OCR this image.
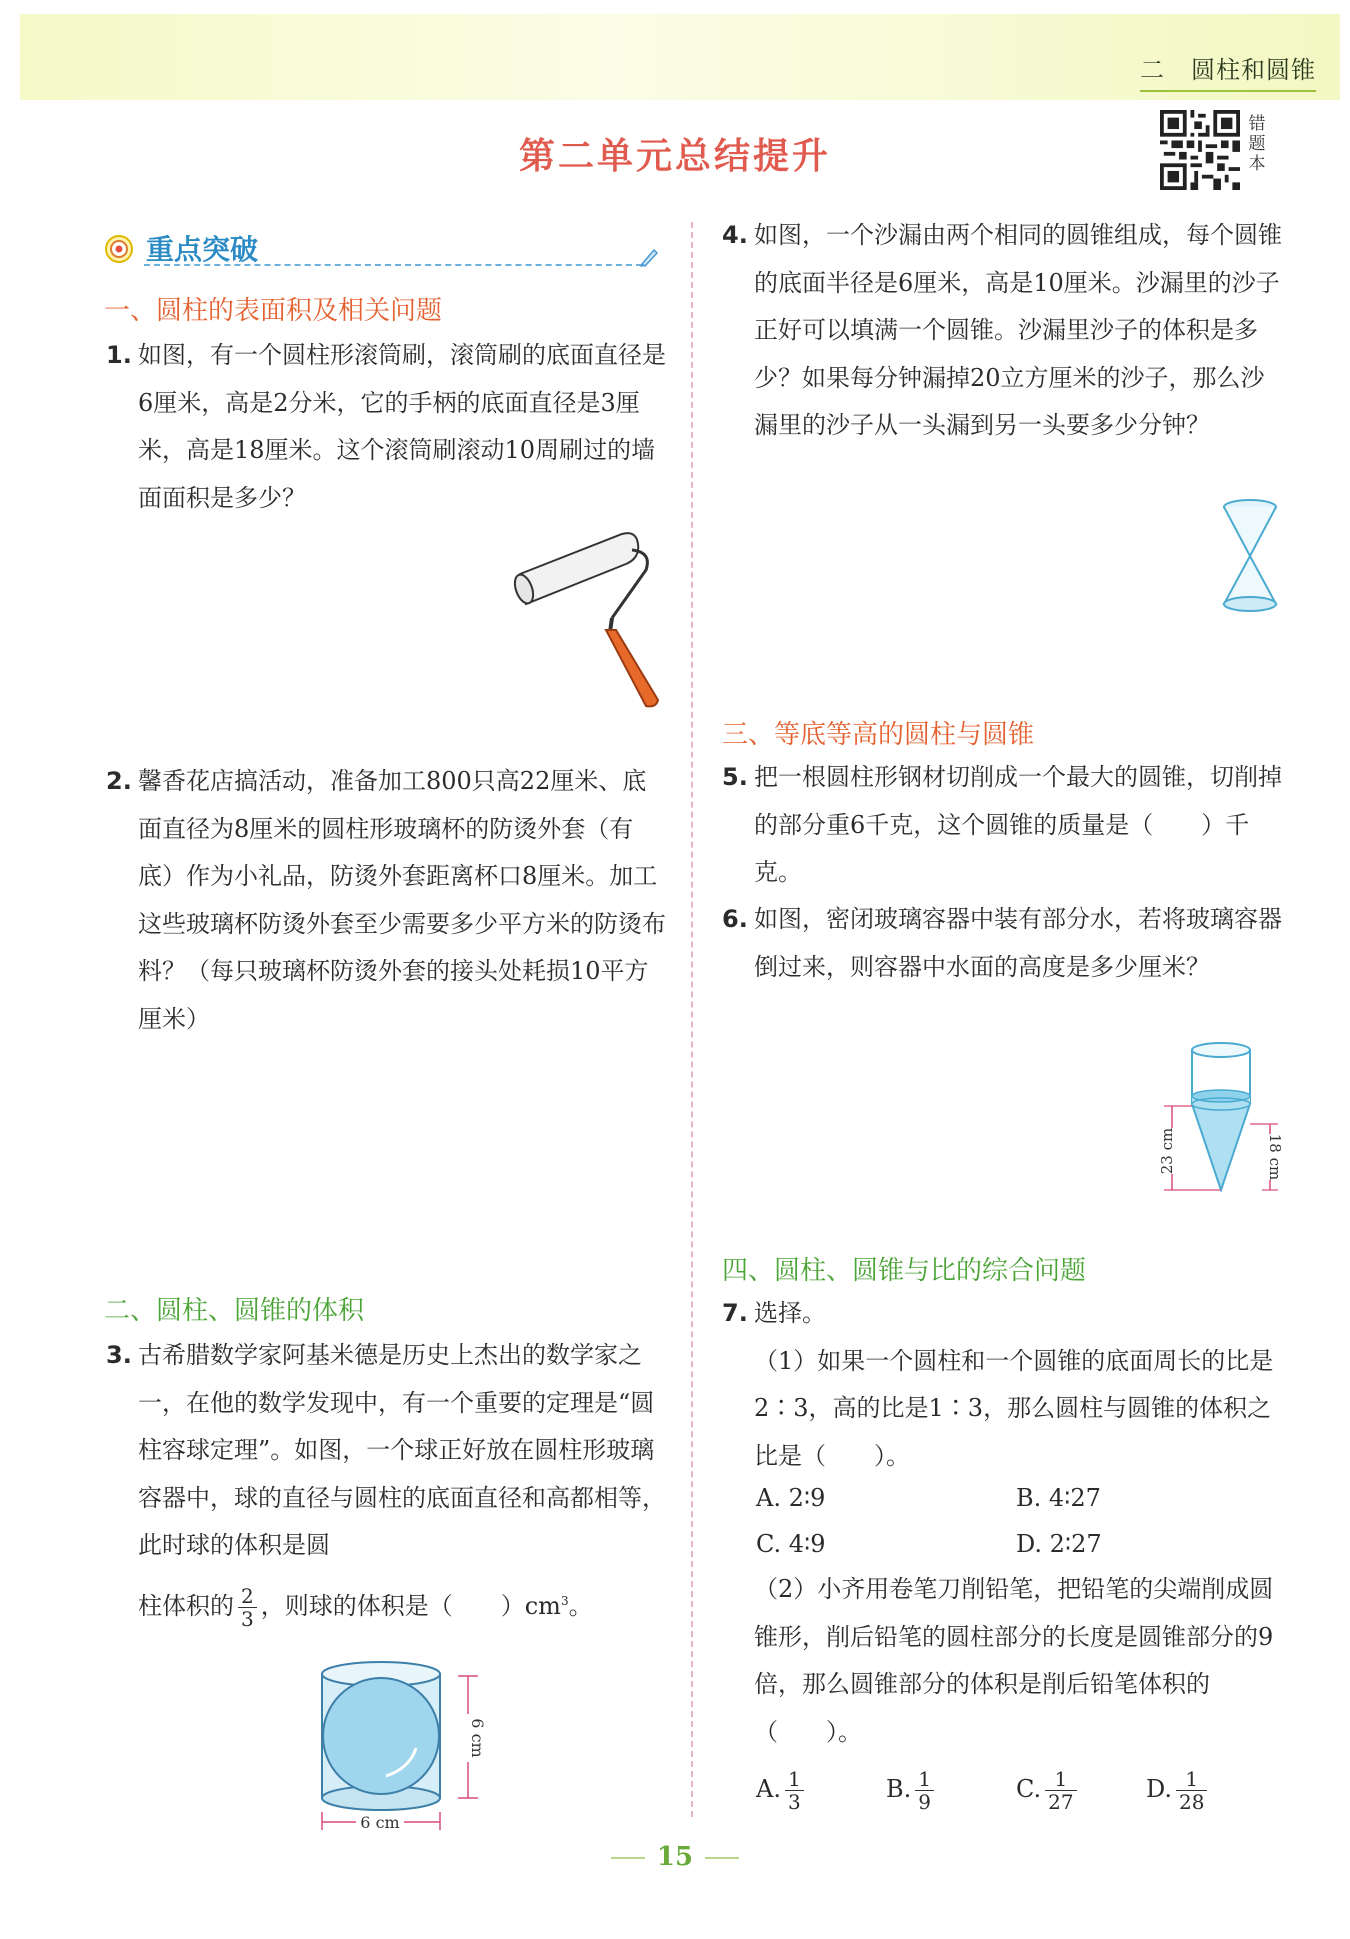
二 圆柱和圆锥
第二单元总结提升
错题本
重点突破
一、圆柱的表面积及相关问题
1. 如图，有一个圆柱形滚筒刷，滚筒刷的底面直径是6厘米，高是2分米，它的手柄的底面直径是3厘米，高是18厘米。这个滚筒刷滚动10周刷过的墙面面积是多少？
2. 馨香花店搞活动，准备加工800只高22厘米、底面直径为8厘米的圆柱形玻璃杯的防烫外套（有底）作为小礼品，防烫外套距离杯口8厘米。加工这些玻璃杯防烫外套至少需要多少平方米的防烫布料？（每只玻璃杯防烫外套的接头处耗损10平方厘米）
二、圆柱、圆锥的体积
3. 古希腊数学家阿基米德是历史上杰出的数学家之一，在他的数学发现中，有一个重要的定理是“圆柱容球定理”。如图，一个球正好放在圆柱形玻璃容器中，球的直径与圆柱的底面直径和高都相等，此时球的体积是圆
柱体积的 $\frac{2}{3}$ ，则球的体积是（　　）$cm^3$。
6 cm
6 cm
4. 如图，一个沙漏由两个相同的圆锥组成，每个圆锥的底面半径是6厘米，高是10厘米。沙漏里的沙子正好可以填满一个圆锥。沙漏里沙子的体积是多少？如果每分钟漏掉20立方厘米的沙子，那么沙漏里的沙子从一头漏到另一头要多少分钟？
三、等底等高的圆柱与圆锥
5. 把一根圆柱形钢材切削成一个最大的圆锥，切削掉的部分重6千克，这个圆锥的质量是（　　）千克。
6. 如图，密闭玻璃容器中装有部分水，若将玻璃容器倒过来，则容器中水面的高度是多少厘米？
23 cm	18 cm
四、圆柱、圆锥与比的综合问题
7. 选择。
（1）如果一个圆柱和一个圆锥的底面周长的比是2∶3，高的比是1∶3，那么圆柱与圆锥的体积之比是（　　）。
A. 2∶9	B. 4∶27
C. 4∶9	D. 2∶27
（2）小齐用卷笔刀削铅笔，把铅笔的尖端削成圆锥形，削后铅笔的圆柱部分的长度是圆锥部分的9倍，那么圆锥部分的体积是削后铅笔体积的（　　）。
A. $\frac{1}{3}$	B. $\frac{1}{9}$	C. $\frac{1}{27}$	D. $\frac{1}{28}$
15
